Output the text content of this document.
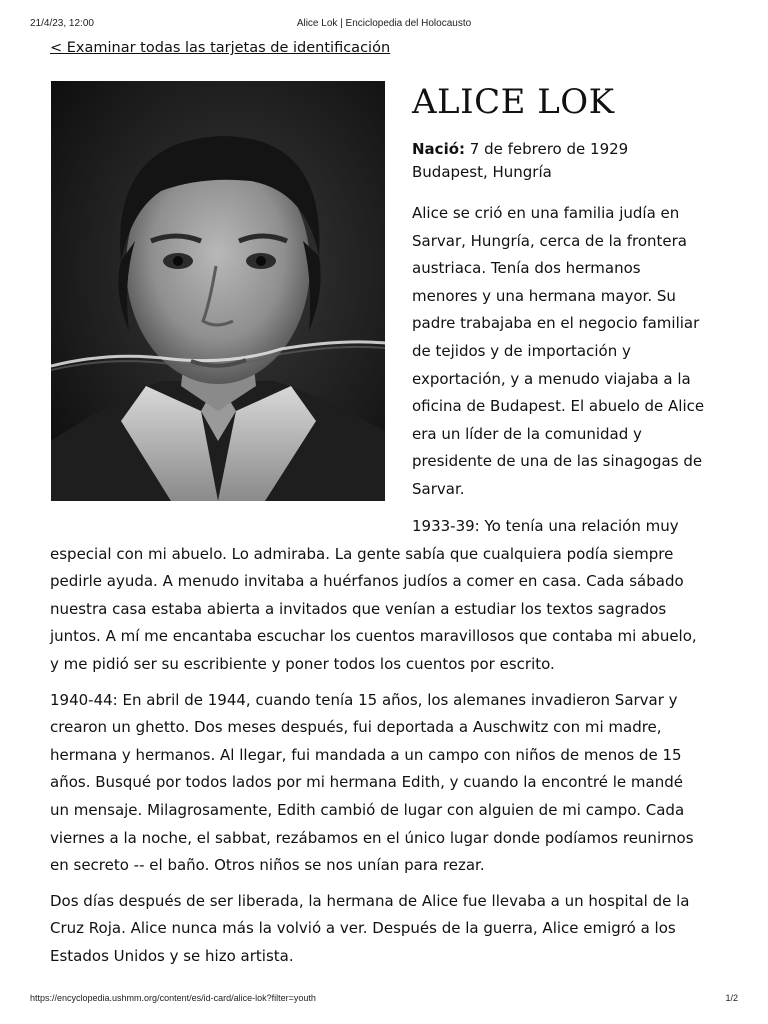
21/4/23, 12:00	Alice Lok | Enciclopedia del Holocausto
< Examinar todas las tarjetas de identificación
ALICE LOK
Nació: 7 de febrero de 1929
Budapest, Hungría

Alice se crió en una familia judía en
Sarvar, Hungría, cerca de la frontera
austriaca. Tenía dos hermanos
menores y una hermana mayor. Su
padre trabajaba en el negocio familiar
de tejidos y de importación y
exportación, y a menudo viajaba a la
oficina de Budapest. El abuelo de Alice
era un líder de la comunidad y
presidente de una de las sinagogas de
Sarvar.

1933-39: Yo tenía una relación muy
especial con mi abuelo. Lo admiraba. La gente sabía que cualquiera podía siempre
pedirle ayuda. A menudo invitaba a huérfanos judíos a comer en casa. Cada sábado
nuestra casa estaba abierta a invitados que venían a estudiar los textos sagrados
juntos. A mí me encantaba escuchar los cuentos maravillosos que contaba mi abuelo,
y me pidió ser su escribiente y poner todos los cuentos por escrito.

1940-44: En abril de 1944, cuando tenía 15 años, los alemanes invadieron Sarvar y
crearon un ghetto. Dos meses después, fui deportada a Auschwitz con mi madre,
hermana y hermanos. Al llegar, fui mandada a un campo con niños de menos de 15
años. Busqué por todos lados por mi hermana Edith, y cuando la encontré le mandé
un mensaje. Milagrosamente, Edith cambió de lugar con alguien de mi campo. Cada
viernes a la noche, el sabbat, rezábamos en el único lugar donde podíamos reunirnos
en secreto -- el baño. Otros niños se nos unían para rezar.

Dos días después de ser liberada, la hermana de Alice fue llevaba a un hospital de la
Cruz Roja. Alice nunca más la volvió a ver. Después de la guerra, Alice emigró a los
Estados Unidos y se hizo artista.

https://encyclopedia.ushmm.org/content/es/id-card/alice-lok?filter=youth	1/2
